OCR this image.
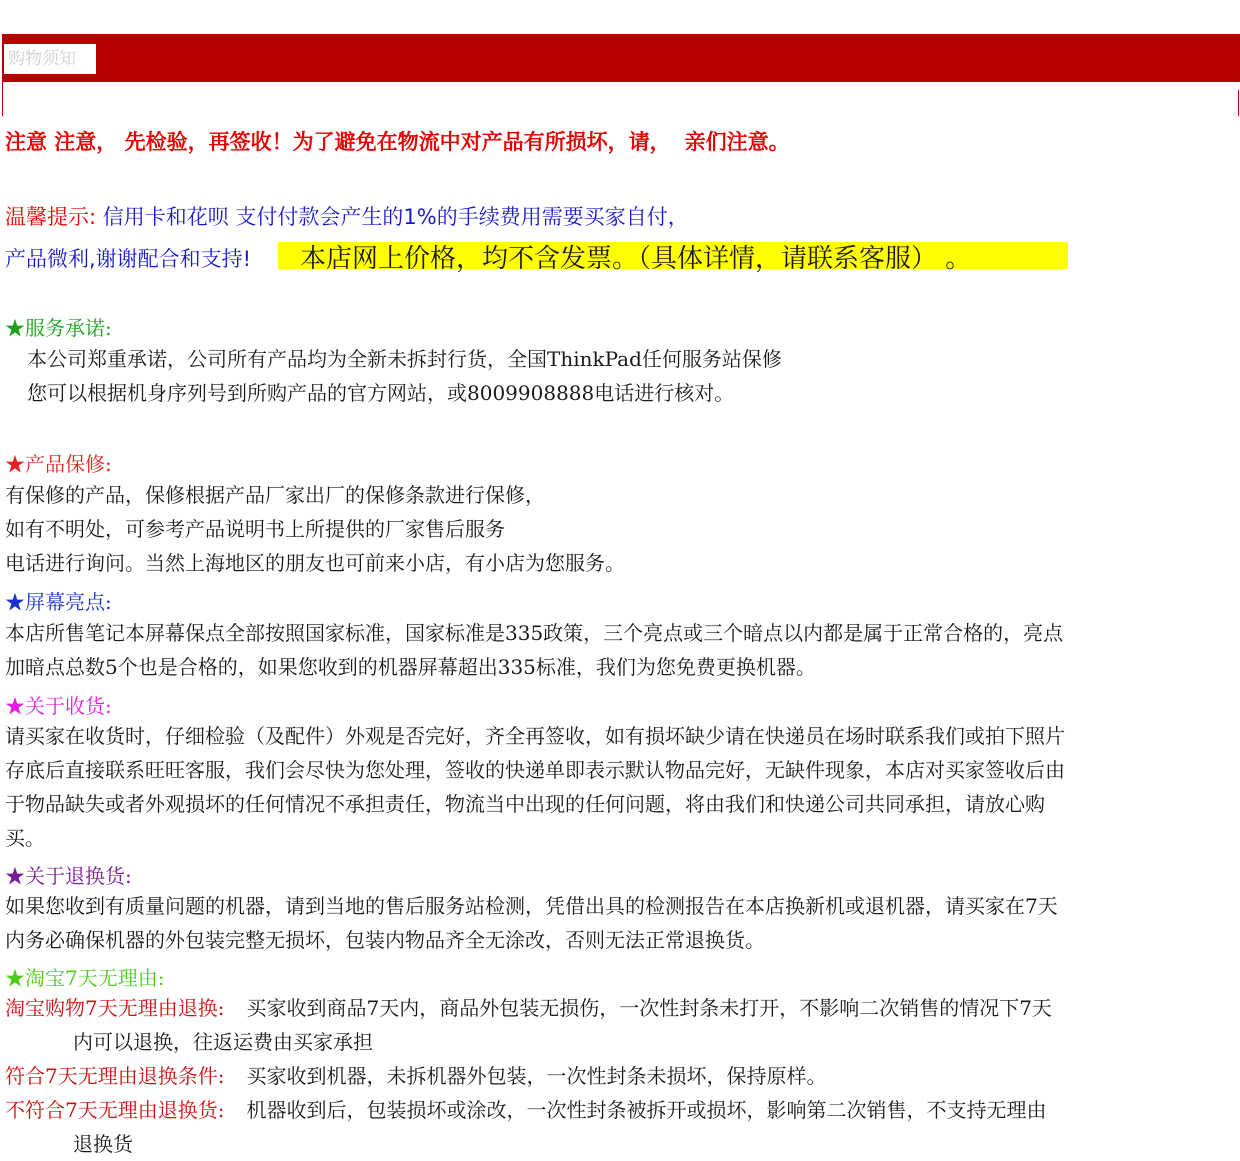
购物须知
注意 注意， 先检验，再签收！为了避免在物流中对产品有所损坏，请， 亲们注意。
温馨提示: 信用卡和花呗 支付付款会产生的1%的手续费用需要买家自付，
产品微利,谢谢配合和支持! 本店网上价格，均不含发票。（具体详情，请联系客服） 。
★服务承诺:
本公司郑重承诺，公司所有产品均为全新未拆封行货，全国ThinkPad任何服务站保修
您可以根据机身序列号到所购产品的官方网站，或8009908888电话进行核对。
★产品保修:
有保修的产品，保修根据产品厂家出厂的保修条款进行保修，
如有不明处，可参考产品说明书上所提供的厂家售后服务
电话进行询问。当然上海地区的朋友也可前来小店，有小店为您服务。
★屏幕亮点:
本店所售笔记本屏幕保点全部按照国家标准，国家标准是335政策，三个亮点或三个暗点以内都是属于正常合格的，亮点
加暗点总数5个也是合格的，如果您收到的机器屏幕超出335标准，我们为您免费更换机器。
★关于收货:
请买家在收货时，仔细检验（及配件）外观是否完好，齐全再签收，如有损坏缺少请在快递员在场时联系我们或拍下照片
存底后直接联系旺旺客服，我们会尽快为您处理，签收的快递单即表示默认物品完好，无缺件现象，本店对买家签收后由
于物品缺失或者外观损坏的任何情况不承担责任，物流当中出现的任何问题，将由我们和快递公司共同承担，请放心购
买。
★关于退换货:
如果您收到有质量问题的机器，请到当地的售后服务站检测，凭借出具的检测报告在本店换新机或退机器，请买家在7天
内务必确保机器的外包装完整无损坏，包装内物品齐全无涂改，否则无法正常退换货。
★淘宝7天无理由:
淘宝购物7天无理由退换: 买家收到商品7天内，商品外包装无损伤，一次性封条未打开，不影响二次销售的情况下7天
内可以退换，往返运费由买家承担
符合7天无理由退换条件: 买家收到机器，未拆机器外包装，一次性封条未损坏，保持原样。
不符合7天无理由退换货: 机器收到后，包装损坏或涂改，一次性封条被拆开或损坏，影响第二次销售，不支持无理由
退换货
